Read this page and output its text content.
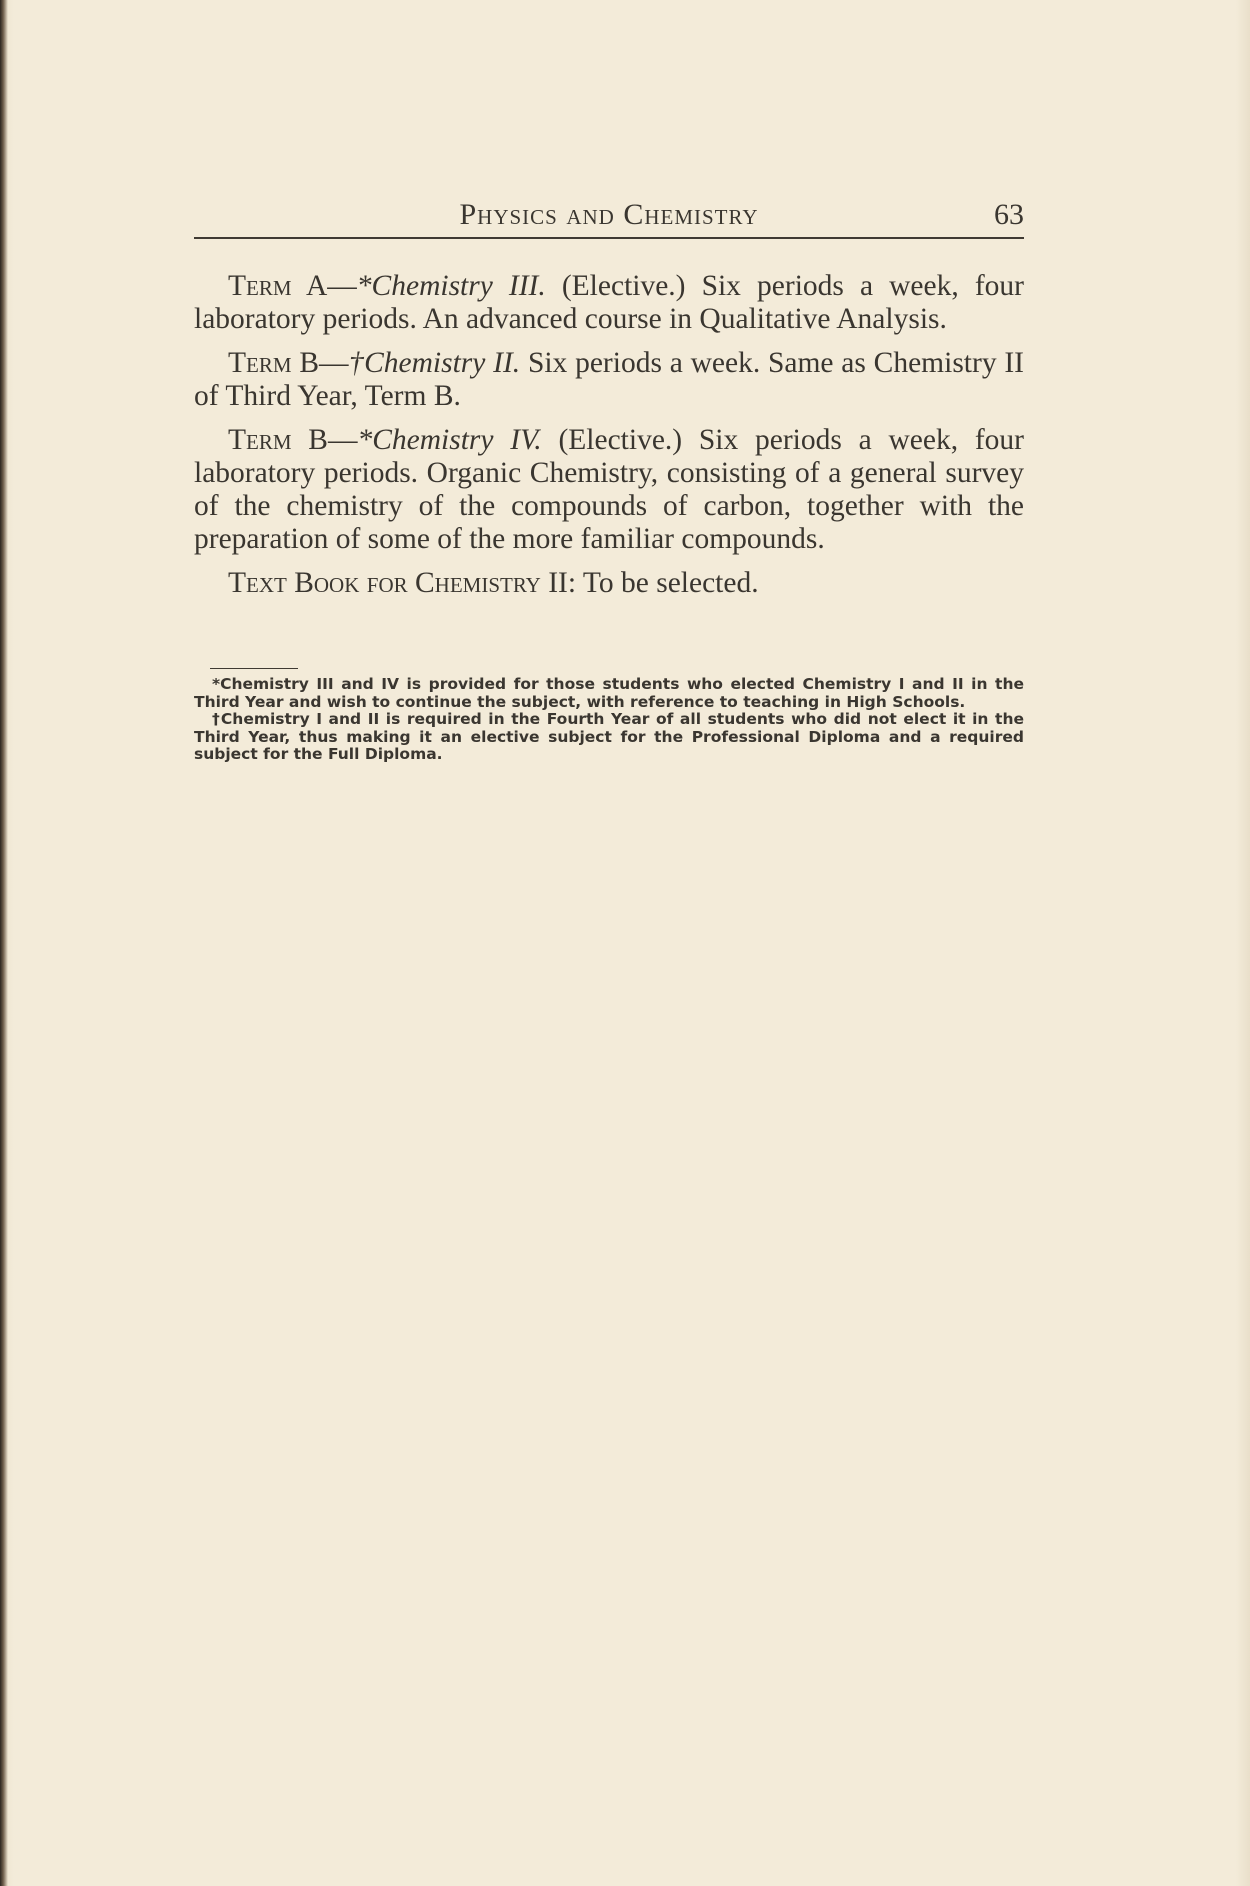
Physics and Chemistry	63

Term A—*Chemistry III. (Elective.) Six periods a week, four laboratory periods. An advanced course in Qualitative Analysis.

Term B—†Chemistry II. Six periods a week. Same as Chemistry II of Third Year, Term B.

Term B—*Chemistry IV. (Elective.) Six periods a week, four laboratory periods. Organic Chemistry, consisting of a general survey of the chemistry of the compounds of carbon, together with the preparation of some of the more familiar compounds.

Text Book for Chemistry II: To be selected.

*Chemistry III and IV is provided for those students who elected Chemistry I and II in the Third Year and wish to continue the subject, with reference to teaching in High Schools.

†Chemistry I and II is required in the Fourth Year of all students who did not elect it in the Third Year, thus making it an elective subject for the Professional Diploma and a required subject for the Full Diploma.
